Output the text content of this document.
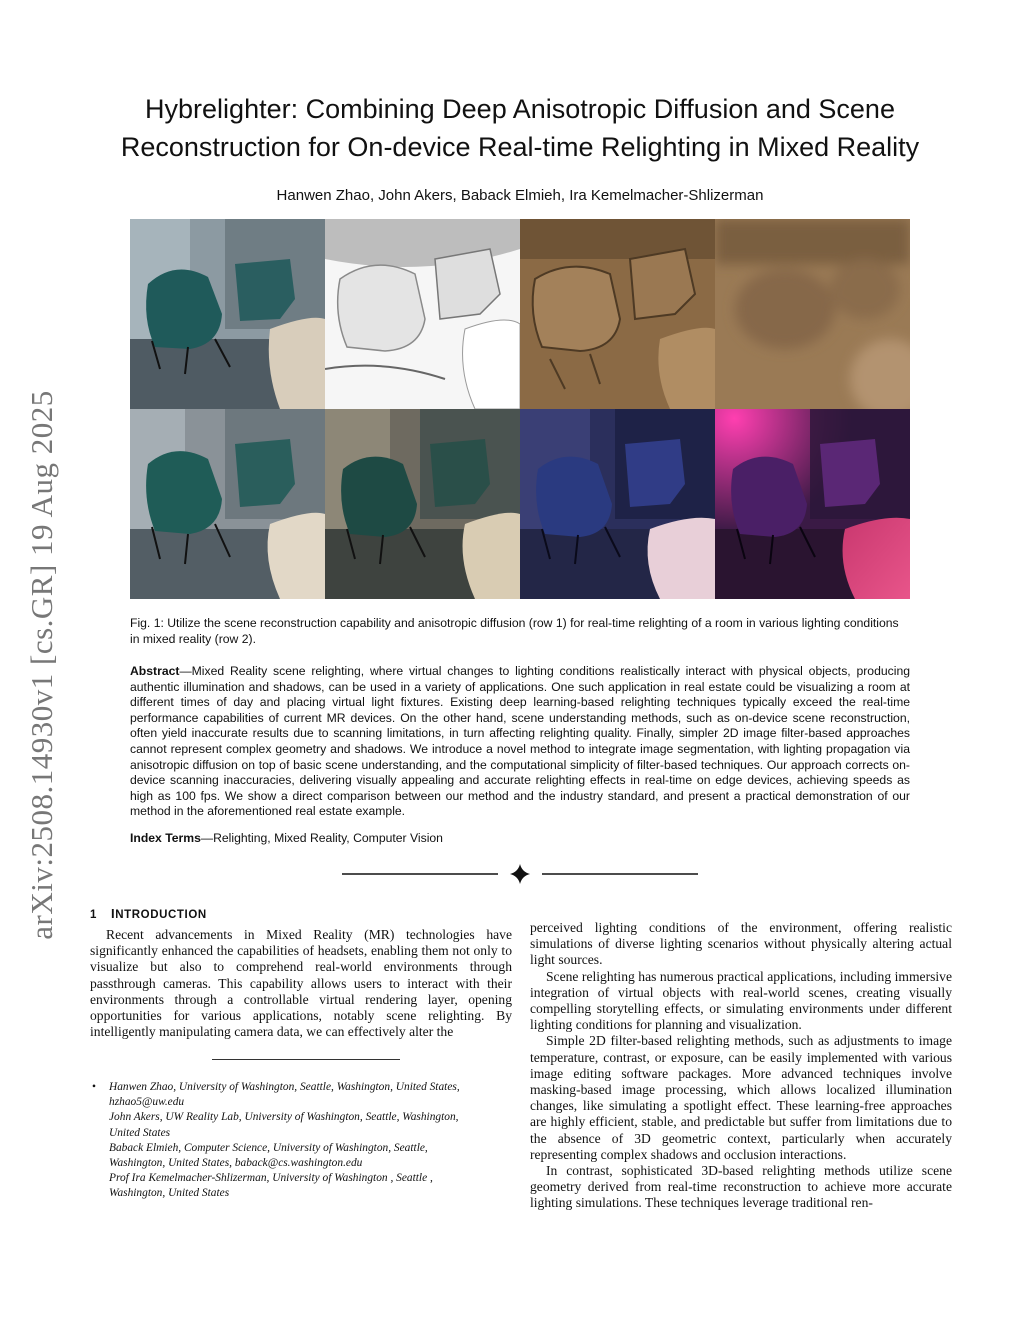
arXiv:2508.14930v1 [cs.GR] 19 Aug 2025
Hybrelighter: Combining Deep Anisotropic Diffusion and Scene
Reconstruction for On-device Real-time Relighting in Mixed Reality
Hanwen Zhao, John Akers, Baback Elmieh, Ira Kemelmacher-Shlizerman
Fig. 1: Utilize the scene reconstruction capability and anisotropic diffusion (row 1) for real-time relighting of a room in various lighting conditions in mixed reality (row 2).
Abstract—Mixed Reality scene relighting, where virtual changes to lighting conditions realistically interact with physical objects, producing authentic illumination and shadows, can be used in a variety of applications. One such application in real estate could be visualizing a room at different times of day and placing virtual light fixtures. Existing deep learning-based relighting techniques typically exceed the real-time performance capabilities of current MR devices. On the other hand, scene understanding methods, such as on-device scene reconstruction, often yield inaccurate results due to scanning limitations, in turn affecting relighting quality. Finally, simpler 2D image filter-based approaches cannot represent complex geometry and shadows. We introduce a novel method to integrate image segmentation, with lighting propagation via anisotropic diffusion on top of basic scene understanding, and the computational simplicity of filter-based techniques. Our approach corrects on-device scanning inaccuracies, delivering visually appealing and accurate relighting effects in real-time on edge devices, achieving speeds as high as 100 fps. We show a direct comparison between our method and the industry standard, and present a practical demonstration of our method in the aforementioned real estate example.
Index Terms—Relighting, Mixed Reality, Computer Vision
1 INTRODUCTION

Recent advancements in Mixed Reality (MR) technologies have significantly enhanced the capabilities of headsets, enabling them not only to visualize but also to comprehend real-world environments through passthrough cameras. This capability allows users to interact with their environments through a controllable virtual rendering layer, opening opportunities for various applications, notably scene relighting. By intelligently manipulating camera data, we can effectively alter the

• Hanwen Zhao, University of Washington, Seattle, Washington, United States,
hzhao5@uw.edu
John Akers, UW Reality Lab, University of Washington, Seattle, Washington,
United States
Baback Elmieh, Computer Science, University of Washington, Seattle,
Washington, United States, baback@cs.washington.edu
Prof Ira Kemelmacher-Shlizerman, University of Washington , Seattle ,
Washington, United States

perceived lighting conditions of the environment, offering realistic simulations of diverse lighting scenarios without physically altering actual light sources.

Scene relighting has numerous practical applications, including immersive integration of virtual objects with real-world scenes, creating visually compelling storytelling effects, or simulating environments under different lighting conditions for planning and visualization.

Simple 2D filter-based relighting methods, such as adjustments to image temperature, contrast, or exposure, can be easily implemented with various image editing software packages. More advanced techniques involve masking-based image processing, which allows localized illumination changes, like simulating a spotlight effect. These learning-free approaches are highly efficient, stable, and predictable but suffer from limitations due to the absence of 3D geometric context, particularly when accurately representing complex shadows and occlusion interactions.

In contrast, sophisticated 3D-based relighting methods utilize scene geometry derived from real-time reconstruction to achieve more accurate lighting simulations. These techniques leverage traditional ren-
